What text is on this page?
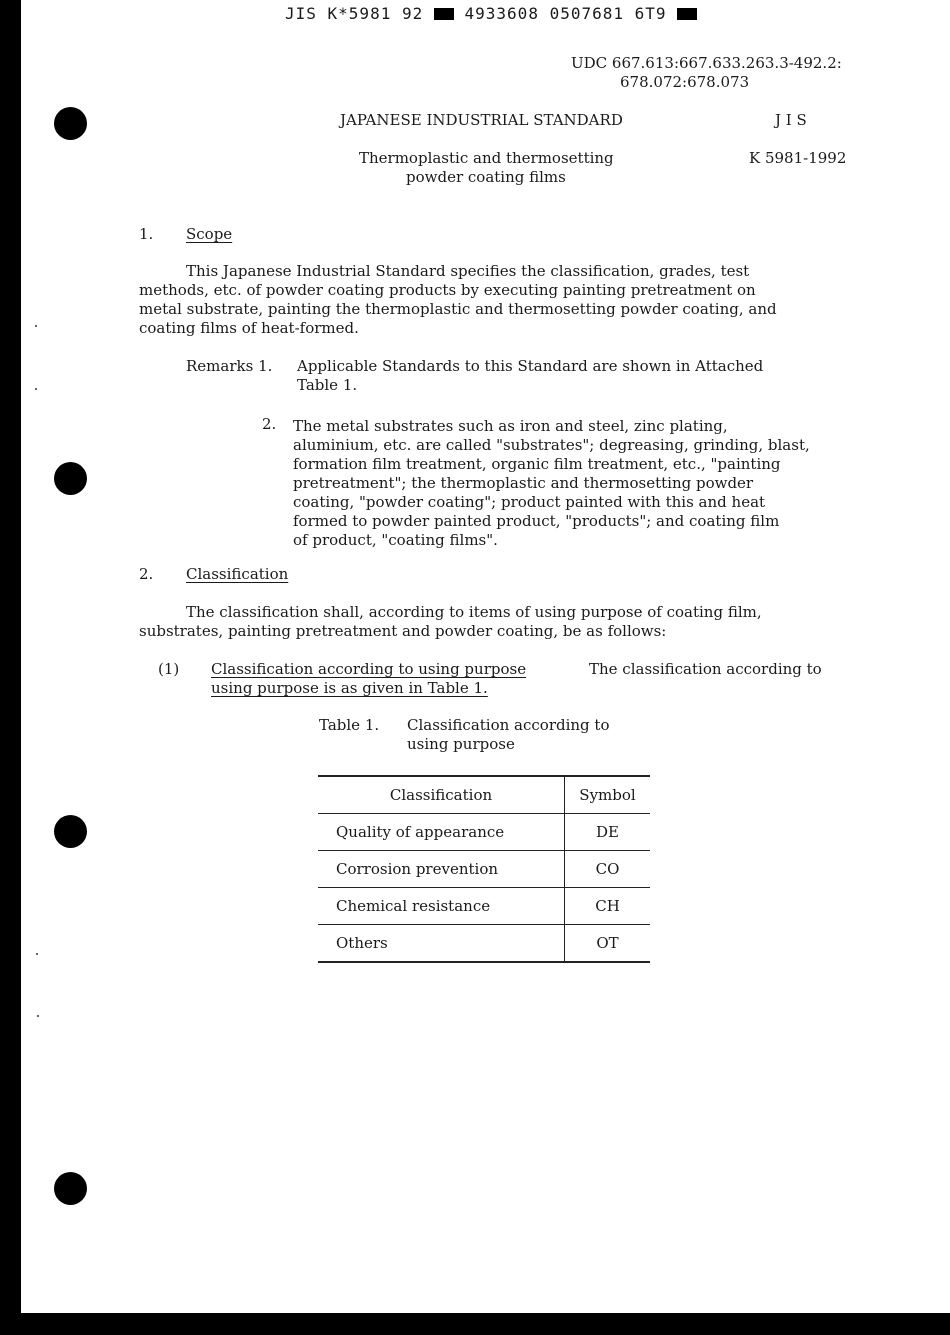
JIS K*5981 92	4933608 0507681 6T9
UDC 667.613:667.633.263.3-492.2:
678.072:678.073
JAPANESE INDUSTRIAL STANDARD	J I S
Thermoplastic and thermosetting
powder coating films
K 5981-1992
1. Scope
This Japanese Industrial Standard specifies the classification, grades, test
methods, etc. of powder coating products by executing painting pretreatment on
metal substrate, painting the thermoplastic and thermosetting powder coating, and
coating films of heat-formed.
Remarks 1. Applicable Standards to this Standard are shown in Attached
Table 1.
2. The metal substrates such as iron and steel, zinc plating,
aluminium, etc. are called "substrates"; degreasing, grinding, blast,
formation film treatment, organic film treatment, etc., "painting
pretreatment"; the thermoplastic and thermosetting powder
coating, "powder coating"; product painted with this and heat
formed to powder painted product, "products"; and coating film
of product, "coating films".
2. Classification
The classification shall, according to items of using purpose of coating film,
substrates, painting pretreatment and powder coating, be as follows:
(1) Classification according to using purpose	The classification according to
using purpose is as given in Table 1.
Table 1. Classification according to
using purpose
Classification	Symbol
Quality of appearance	DE
Corrosion prevention	CO
Chemical resistance	CH
Others	OT
